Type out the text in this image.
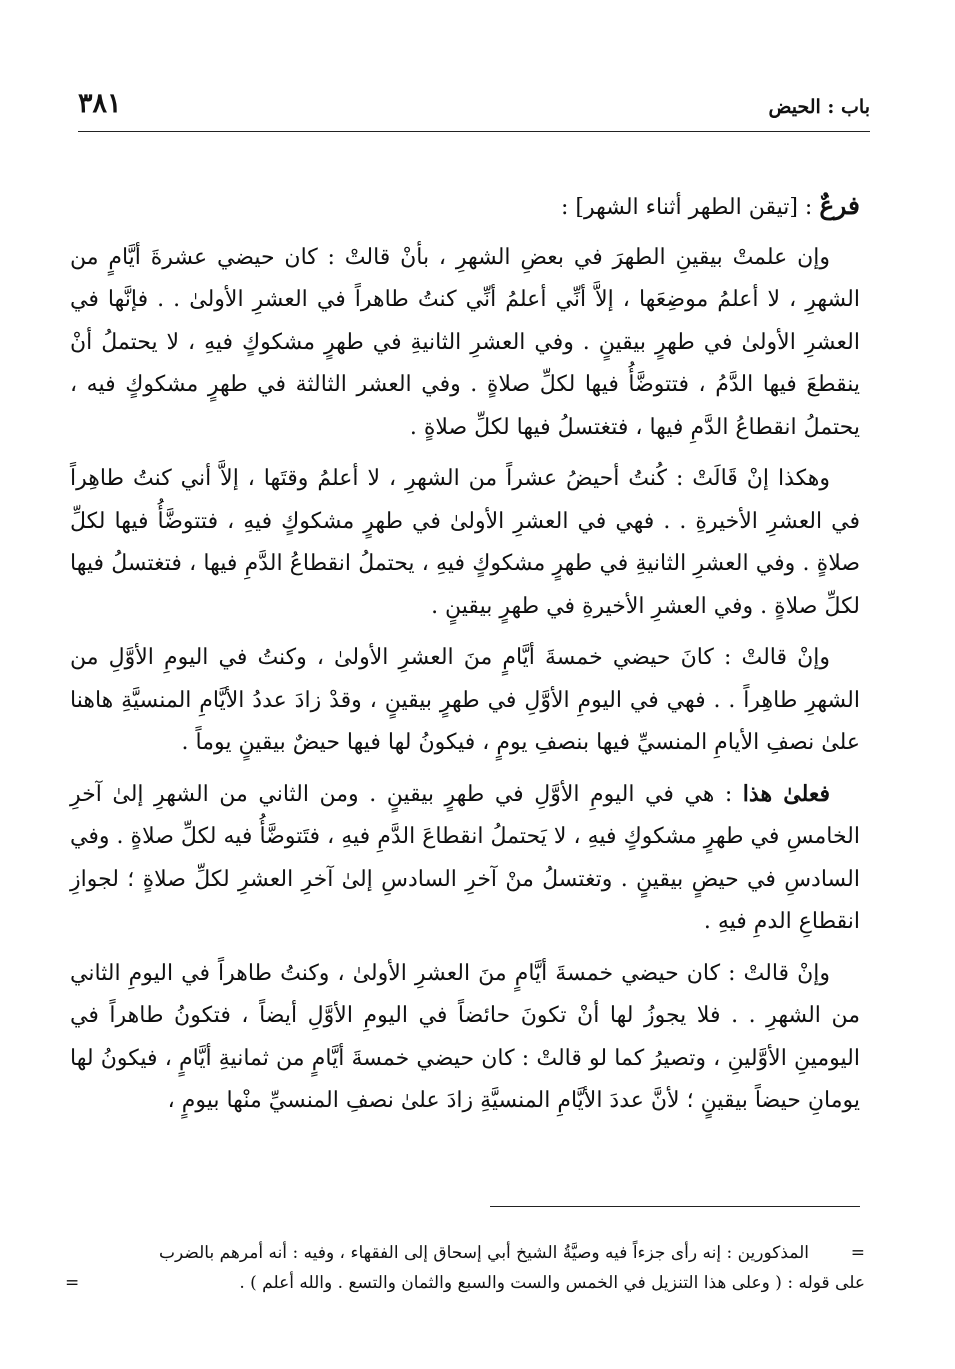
باب : الحيض
٣٨١

فرعٌ : [تيقن الطهر أثناء الشهر] :

وإن علمتْ بيقينِ الطهرَ في بعضِ الشهرِ ، بأنْ قالتْ : كان حيضي عشرةَ أيَّامٍ من الشهرِ ، لا أعلمُ موضِعَها ، إلاَّ أنِّي أعلمُ أنِّي كنتُ طاهراً في العشرِ الأولىٰ . . فإنَّها في العشرِ الأولىٰ في طهرٍ بيقينٍ . وفي العشرِ الثانيةِ في طهرٍ مشكوكٍ فيهِ ، لا يحتملُ أنْ ينقطعَ فيها الدَّمُ ، فتتوضَّأُ فيها لكلِّ صلاةٍ . وفي العشر الثالثة في طهرٍ مشكوكٍ فيه ، يحتملُ انقطاعُ الدَّمِ فيها ، فتغتسلُ فيها لكلِّ صلاةٍ .

وهكذا إنْ قَالَتْ : كُنتُ أحيضُ عشراً من الشهرِ ، لا أعلمُ وقتَها ، إلاَّ أني كنتُ طاهِراً في العشرِ الأخيرةِ . . فهي في العشرِ الأولىٰ في طهرٍ مشكوكٍ فيهِ ، فتتوضَّأُ فيها لكلِّ صلاةٍ . وفي العشرِ الثانيةِ في طهرٍ مشكوكٍ فيهِ ، يحتملُ انقطاعُ الدَّمِ فيها ، فتغتسلُ فيها لكلِّ صلاةٍ . وفي العشرِ الأخيرةِ في طهرٍ بيقينٍ .

وإنْ قالتْ : كانَ حيضي خمسةَ أيَّامٍ منَ العشرِ الأولىٰ ، وكنتُ في اليومِ الأوَّلِ من الشهرِ طاهِراً . . فهي في اليومِ الأوَّلِ في طهرٍ بيقينٍ ، وقدْ زادَ عددُ الأيَّامِ المنسيَّةِ هاهنا علىٰ نصفِ الأيامِ المنسيِّ فيها بنصفِ يومٍ ، فيكونُ لها فيها حيضٌ بيقينٍ يوماً .

فعلىٰ هذا : هي في اليومِ الأوَّلِ في طهرٍ بيقينٍ . ومن الثاني من الشهرِ إلىٰ آخرِ الخامسِ في طهرٍ مشكوكٍ فيهِ ، لا يَحتملُ انقطاعَ الدَّمِ فيهِ ، فتَتوضَّأُ فيه لكلِّ صلاةٍ . وفي السادسِ في حيضٍ بيقينٍ . وتغتسلُ منْ آخرِ السادسِ إلىٰ آخرِ العشرِ لكلِّ صلاةٍ ؛ لجوازِ انقطاعِ الدمِ فيهِ .

وإنْ قالتْ : كان حيضي خمسةَ أيَّامٍ منَ العشرِ الأولىٰ ، وكنتُ طاهراً في اليومِ الثاني من الشهرِ . . فلا يجوزُ لها أنْ تكونَ حائضاً في اليومِ الأوَّلِ أيضاً ، فتكونُ طاهراً في اليومينِ الأوَّلينِ ، وتصيرُ كما لو قالتْ : كان حيضي خمسةَ أيَّامٍ من ثمانيةِ أيَّامٍ ، فيكونُ لها يومانِ حيضاً بيقينٍ ؛ لأنَّ عددَ الأيَّامِ المنسيَّةِ زادَ علىٰ نصفِ المنسيِّ منْها بيومٍ ،

=
المذكورين : إنه رأى جزءاً فيه وصيَّةُ الشيخ أبي إسحاق إلى الفقهاء ، وفيه : أنه أمرهم بالضرب
على قوله : ( وعلى هذا التنزيل في الخمس والست والسبع والثمان والتسع . والله أعلم ) .
=
